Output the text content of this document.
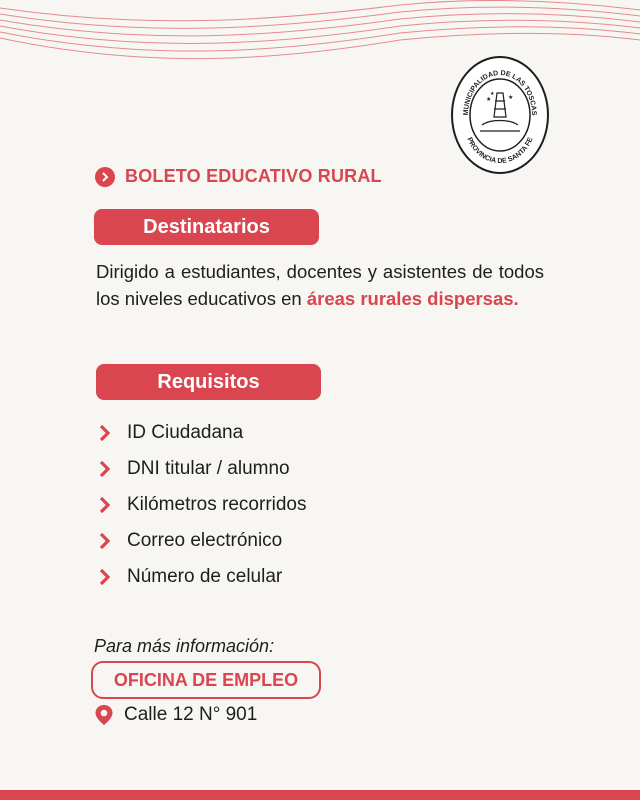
MUNICIPALIDAD DE LAS TOSCAS
PROVINCIA DE SANTA FE
★	★
★
BOLETO EDUCATIVO RURAL
Destinatarios

Dirigido a estudiantes, docentes y asistentes de todos los niveles educativos en áreas rurales dispersas.

Requisitos
ID Ciudadana
DNI titular / alumno
Kilómetros recorridos
Correo electrónico
Número de celular
Para más información:
OFICINA DE EMPLEO
Calle 12 N° 901
